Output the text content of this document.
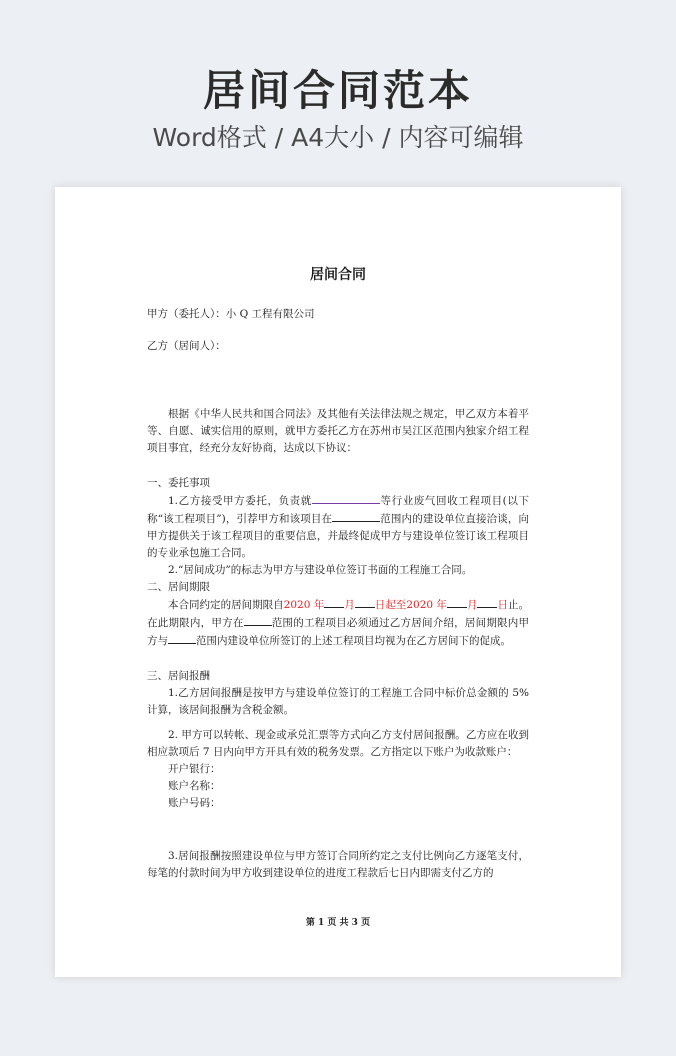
居间合同范本
Word格式 / A4大小 / 内容可编辑
居间合同
甲方（委托人）：小 Q 工程有限公司
乙方（居间人）：
根据《中华人民共和国合同法》及其他有关法律法规之规定，甲乙双方本着平等、自愿、诚实信用的原则，就甲方委托乙方在苏州市吴江区范围内独家介绍工程项目事宜，经充分友好协商，达成以下协议：
一、委托事项
1.乙方接受甲方委托，负责就	等行业废气回收工程项目(以下称“该工程项目”)，引荐甲方和该项目在	范围内的建设单位直接洽谈，向甲方提供关于该工程项目的重要信息，并最终促成甲方与建设单位签订该工程项目的专业承包施工合同。
2.“居间成功”的标志为甲方与建设单位签订书面的工程施工合同。
二、居间期限
本合同约定的居间期限自2020 年 月 日起至2020 年 月 日止。在此期限内，甲方在	范围的工程项目必须通过乙方居间介绍，居间期限内甲方与	范围内建设单位所签订的上述工程项目均视为在乙方居间下的促成。
三、居间报酬
1.乙方居间报酬是按甲方与建设单位签订的工程施工合同中标价总金额的 5%计算，该居间报酬为含税金额。
2. 甲方可以转帐、现金或承兑汇票等方式向乙方支付居间报酬。乙方应在收到相应款项后 7 日内向甲方开具有效的税务发票。乙方指定以下账户为收款账户：
开户银行：
账户名称：
账户号码：
3.居间报酬按照建设单位与甲方签订合同所约定之支付比例向乙方逐笔支付，每笔的付款时间为甲方收到建设单位的进度工程款后七日内即需支付乙方的
第 1 页 共 3 页
